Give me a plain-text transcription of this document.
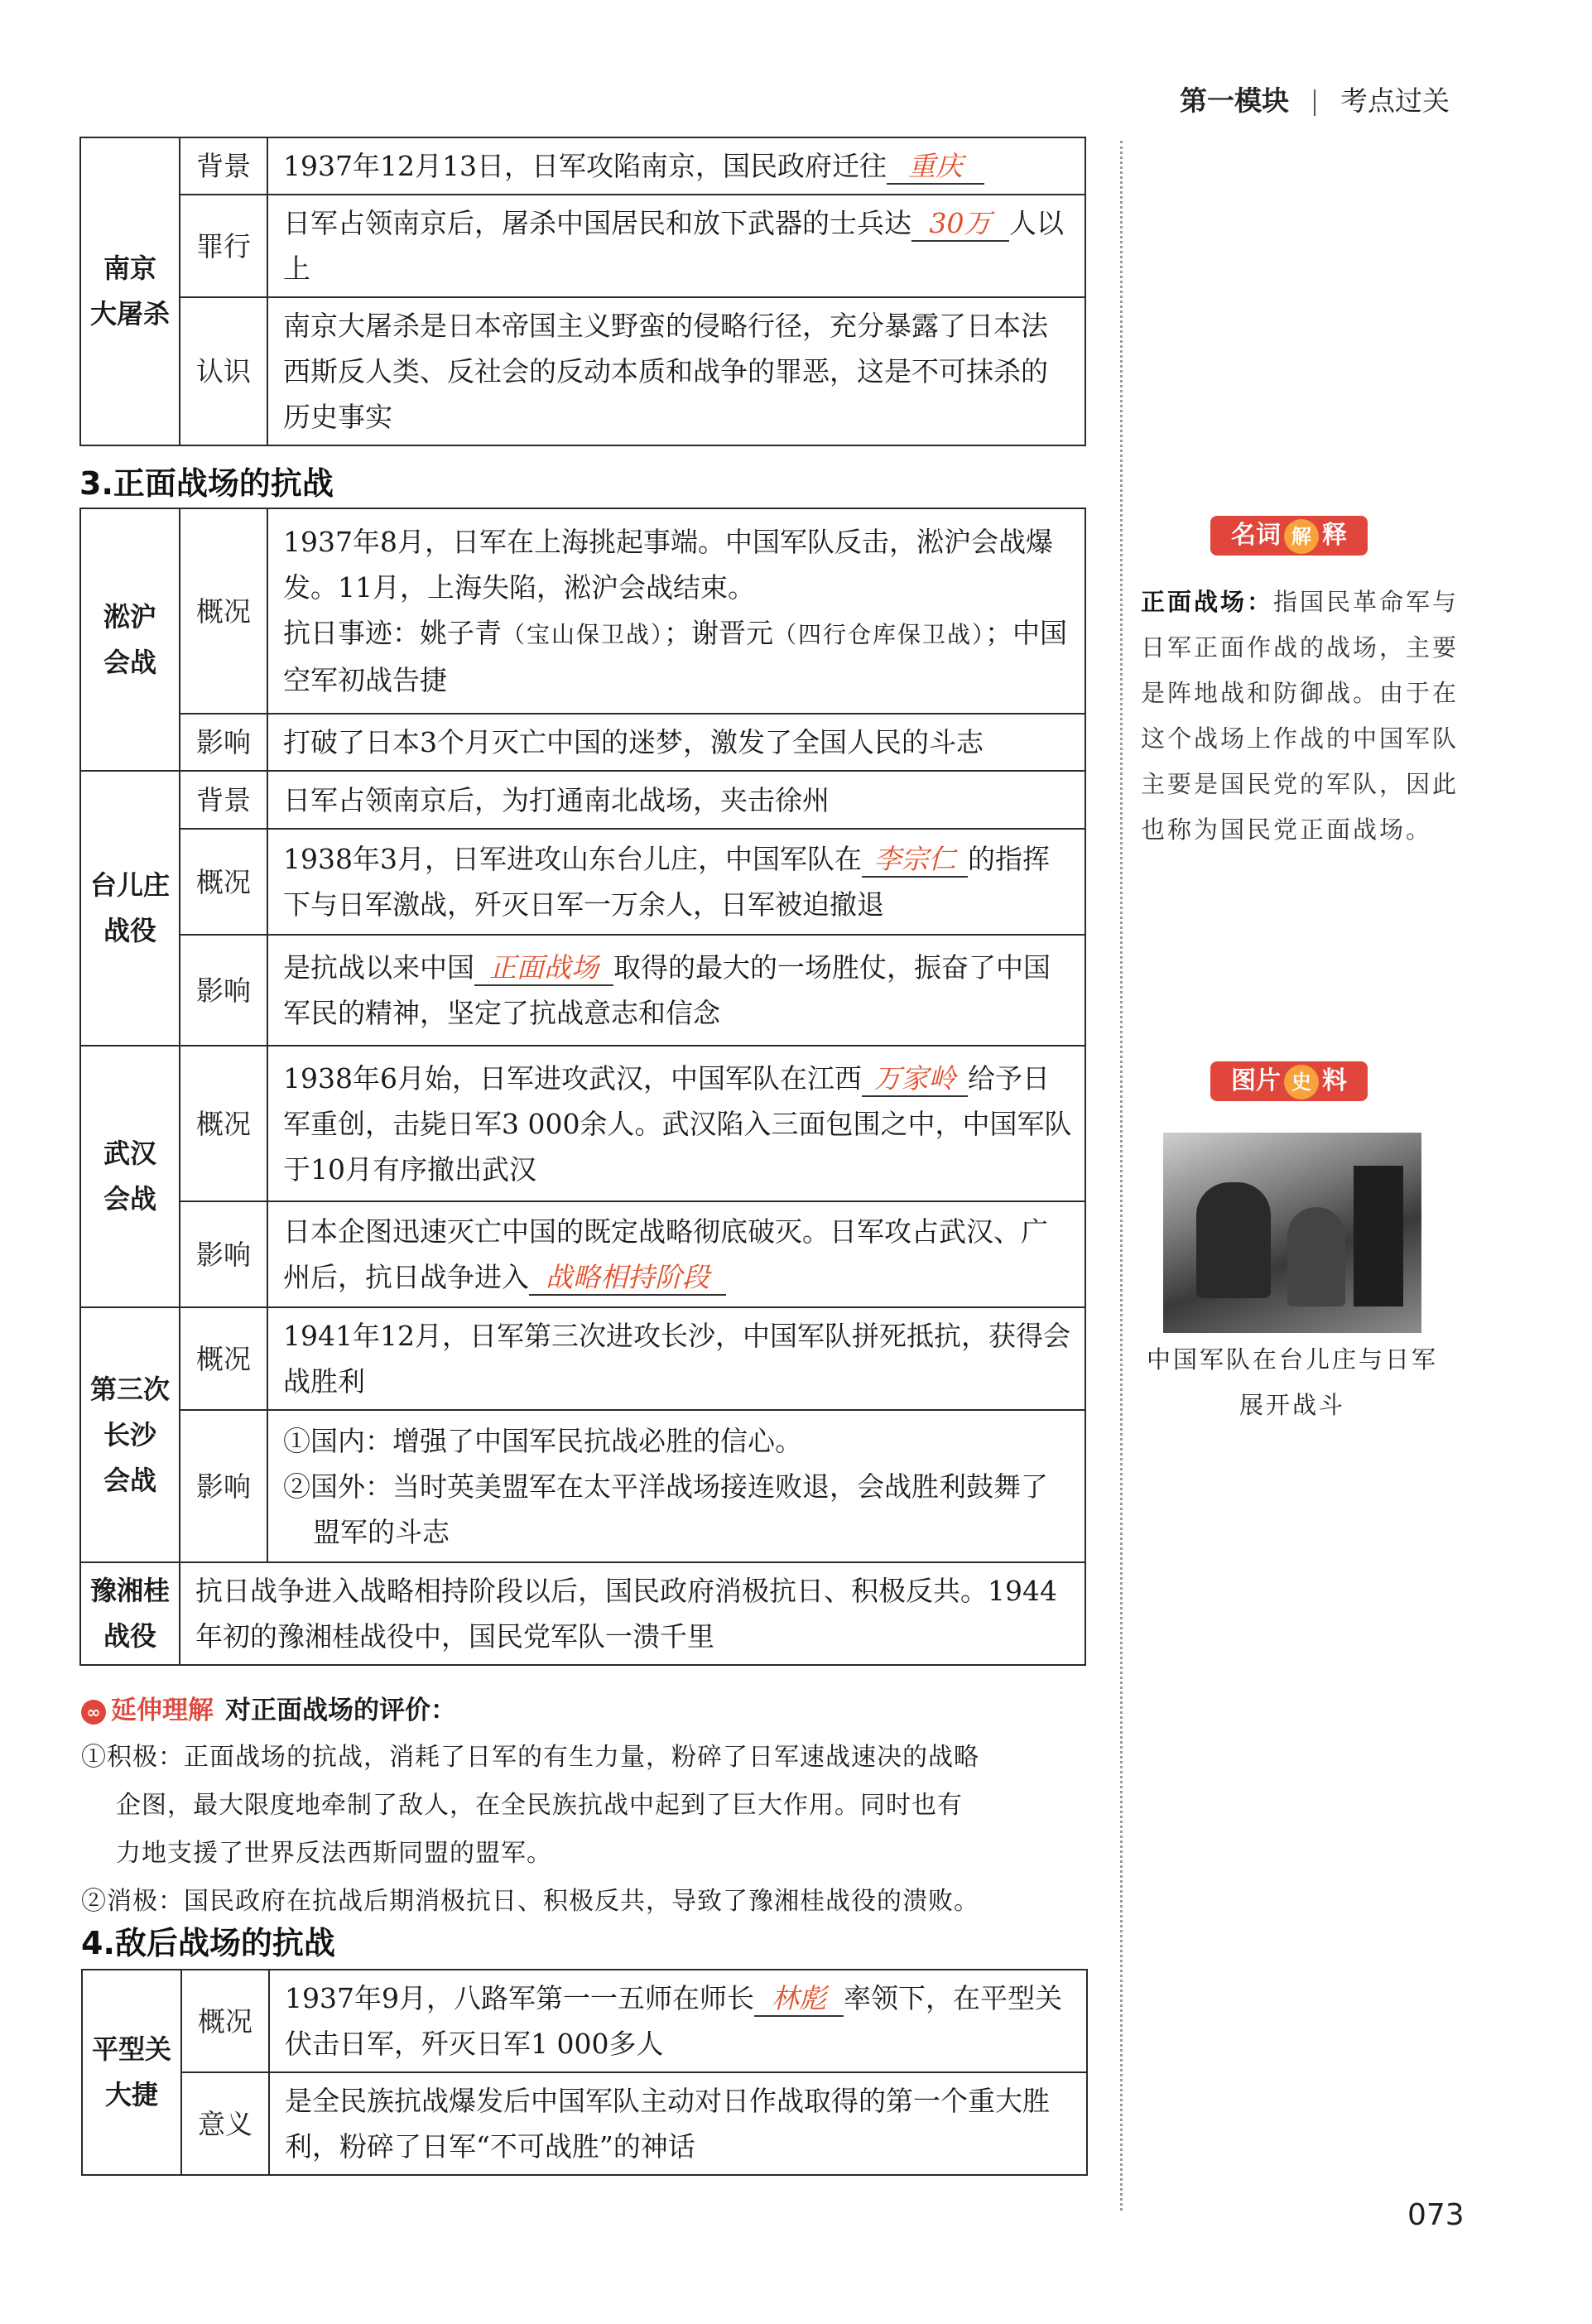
第一模块 考点过关
南京
大屠杀	背景	1937年12月13日，日军攻陷南京，国民政府迁往 重庆
	罪行	日军占领南京后，屠杀中国居民和放下武器的士兵达 30万 人以上
	认识	南京大屠杀是日本帝国主义野蛮的侵略行径，充分暴露了日本法西斯反人类、反社会的反动本质和战争的罪恶，这是不可抹杀的历史事实
3.正面战场的抗战
淞沪
会战	概况	1937年8月，日军在上海挑起事端。中国军队反击，淞沪会战爆发。11月，上海失陷，淞沪会战结束。
抗日事迹：姚子青（宝山保卫战）；谢晋元（四行仓库保卫战）；中国空军初战告捷
	影响	打破了日本3个月灭亡中国的迷梦，激发了全国人民的斗志
台儿庄
战役	背景	日军占领南京后，为打通南北战场，夹击徐州
	概况	1938年3月，日军进攻山东台儿庄，中国军队在 李宗仁 的指挥下与日军激战，歼灭日军一万余人，日军被迫撤退
	影响	是抗战以来中国 正面战场 取得的最大的一场胜仗，振奋了中国军民的精神，坚定了抗战意志和信念
武汉
会战	概况	1938年6月始，日军进攻武汉，中国军队在江西 万家岭 给予日军重创，击毙日军3 000余人。武汉陷入三面包围之中，中国军队于10月有序撤出武汉
	影响	日本企图迅速灭亡中国的既定战略彻底破灭。日军攻占武汉、广州后，抗日战争进入 战略相持阶段
第三次
长沙
会战	概况	1941年12月，日军第三次进攻长沙，中国军队拼死抵抗，获得会战胜利
	影响	①国内：增强了中国军民抗战必胜的信心。
②国外：当时英美盟军在太平洋战场接连败退，会战胜利鼓舞了盟军的斗志

豫湘桂
战役	抗日战争进入战略相持阶段以后，国民政府消极抗日、积极反共。1944年初的豫湘桂战役中，国民党军队一溃千里	
∞ 延伸理解 对正面战场的评价：
①积极：正面战场的抗战，消耗了日军的有生力量，粉碎了日军速战速决的战略
企图，最大限度地牵制了敌人，在全民族抗战中起到了巨大作用。同时也有
力地支援了世界反法西斯同盟的盟军。
②消极：国民政府在抗战后期消极抗日、积极反共，导致了豫湘桂战役的溃败。
4.敌后战场的抗战
平型关
大捷	概况	1937年9月，八路军第一一五师在师长 林彪 率领下，在平型关伏击日军，歼灭日军1 000多人
	意义	是全民族抗战爆发后中国军队主动对日作战取得的第一个重大胜利，粉碎了日军“不可战胜”的神话
名词 解 释
正面战场：指国民革命军与日军正面作战的战场，主要是阵地战和防御战。由于在这个战场上作战的中国军队主要是国民党的军队，因此也称为国民党正面战场。
图片 史 料
中国军队在台儿庄与日军展开战斗
073
